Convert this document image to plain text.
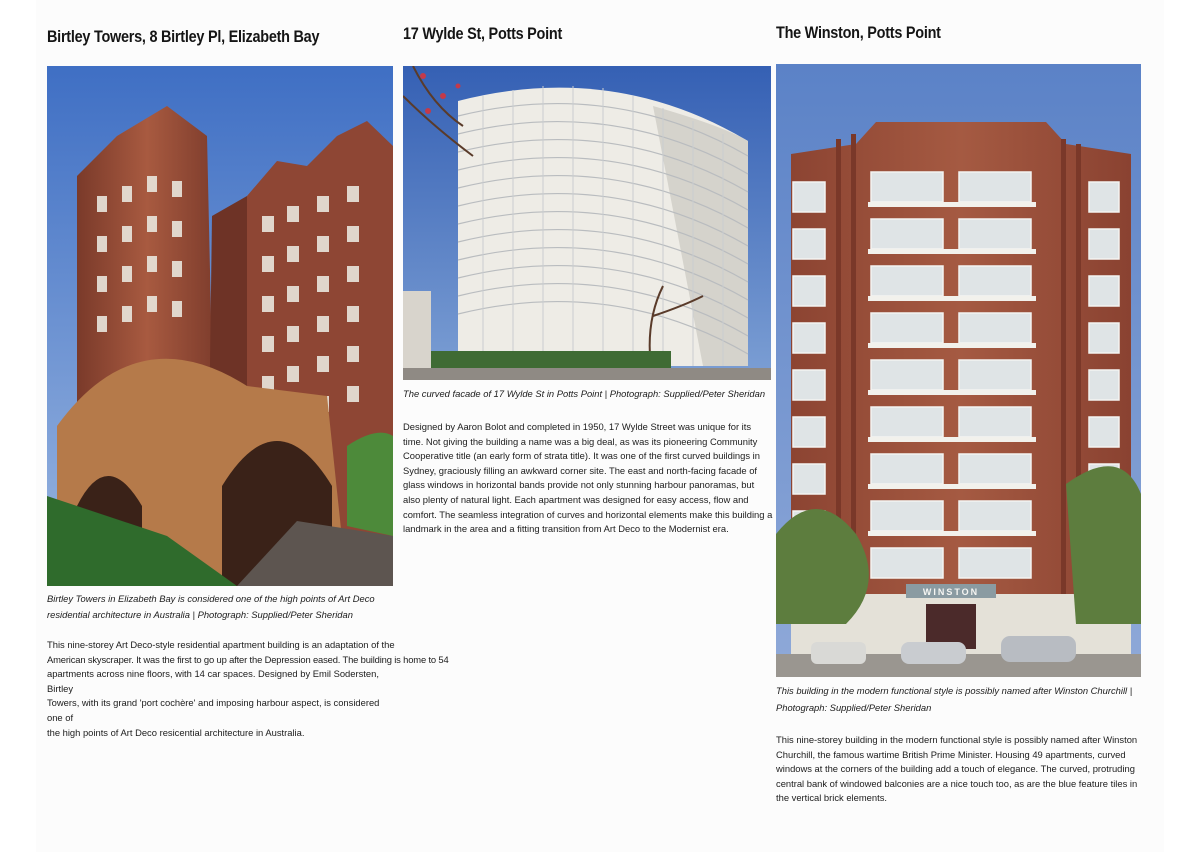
Birtley Towers, 8 Birtley Pl, Elizabeth Bay
Birtley Towers in Elizabeth Bay is considered one of the high points of Art Deco residential architecture in Australia | Photograph: Supplied/Peter Sheridan
This nine-storey Art Deco-style residential apartment building is an adaptation of the
American skyscraper. It was the first to go up after the Depression eased. The building is home to 54
apartments across nine floors, with 14 car spaces. Designed by Emil Sodersten, Birtley
Towers, with its grand 'port cochère' and imposing harbour aspect, is considered one of
the high points of Art Deco resicential architecture in Australia.
17 Wylde St, Potts Point
The curved facade of 17 Wylde St in Potts Point | Photograph: Supplied/Peter Sheridan
Designed by Aaron Bolot and completed in 1950, 17 Wylde Street was unique for its time. Not giving the building a name was a big deal, as was its pioneering Community Cooperative title (an early form of strata title). It was one of the first curved buildings in Sydney, graciously filling an awkward corner site. The east and north-facing facade of glass windows in horizontal bands provide not only stunning harbour panoramas, but also plenty of natural light. Each apartment was designed for easy access, flow and comfort. The seamless integration of curves and horizontal elements make this building a landmark in the area and a fitting transition from Art Deco to the Modernist era.
The Winston, Potts Point
WINSTON
This building in the modern functional style is possibly named after Winston Churchill | Photograph: Supplied/Peter Sheridan
This nine-storey building in the modern functional style is possibly named after Winston Churchill, the famous wartime British Prime Minister. Housing 49 apartments, curved windows at the corners of the building add a touch of elegance. The curved, protruding central bank of windowed balconies are a nice touch too, as are the blue feature tiles in the vertical brick elements.
